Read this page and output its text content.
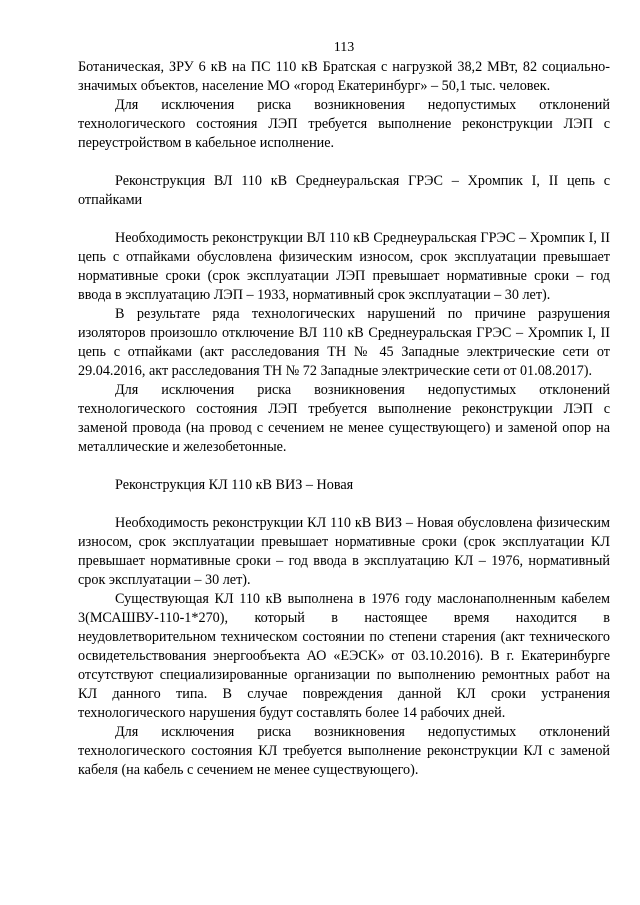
113

Ботаническая, ЗРУ 6 кВ на ПС 110 кВ Братская с нагрузкой 38,2 МВт, 82 социально-значимых объектов, население МО «город Екатеринбург» – 50,1 тыс. человек.

Для исключения риска возникновения недопустимых отклонений технологического состояния ЛЭП требуется выполнение реконструкции ЛЭП с переустройством в кабельное исполнение.

Реконструкция ВЛ 110 кВ Среднеуральская ГРЭС – Хромпик I, II цепь с отпайками

Необходимость реконструкции ВЛ 110 кВ Среднеуральская ГРЭС – Хромпик I, II цепь с отпайками обусловлена физическим износом, срок эксплуатации превышает нормативные сроки (срок эксплуатации ЛЭП превышает нормативные сроки – год ввода в эксплуатацию ЛЭП – 1933, нормативный срок эксплуатации – 30 лет).

В результате ряда технологических нарушений по причине разрушения изоляторов произошло отключение ВЛ 110 кВ Среднеуральская ГРЭС – Хромпик I, II цепь с отпайками (акт расследования ТН № 45 Западные электрические сети от 29.04.2016, акт расследования ТН № 72 Западные электрические сети от 01.08.2017).

Для исключения риска возникновения недопустимых отклонений технологического состояния ЛЭП требуется выполнение реконструкции ЛЭП с заменой провода (на провод с сечением не менее существующего) и заменой опор на металлические и железобетонные.

Реконструкция КЛ 110 кВ ВИЗ – Новая

Необходимость реконструкции КЛ 110 кВ ВИЗ – Новая обусловлена физическим износом, срок эксплуатации превышает нормативные сроки (срок эксплуатации КЛ превышает нормативные сроки – год ввода в эксплуатацию КЛ – 1976, нормативный срок эксплуатации – 30 лет).

Существующая КЛ 110 кВ выполнена в 1976 году маслонаполненным кабелем 3(МСАШВУ-110-1*270), который в настоящее время находится в неудовлетворительном техническом состоянии по степени старения (акт технического освидетельствования энергообъекта АО «ЕЭСК» от 03.10.2016). В г. Екатеринбурге отсутствуют специализированные организации по выполнению ремонтных работ на КЛ данного типа. В случае повреждения данной КЛ сроки устранения технологического нарушения будут составлять более 14 рабочих дней.

Для исключения риска возникновения недопустимых отклонений технологического состояния КЛ требуется выполнение реконструкции КЛ с заменой кабеля (на кабель с сечением не менее существующего).
